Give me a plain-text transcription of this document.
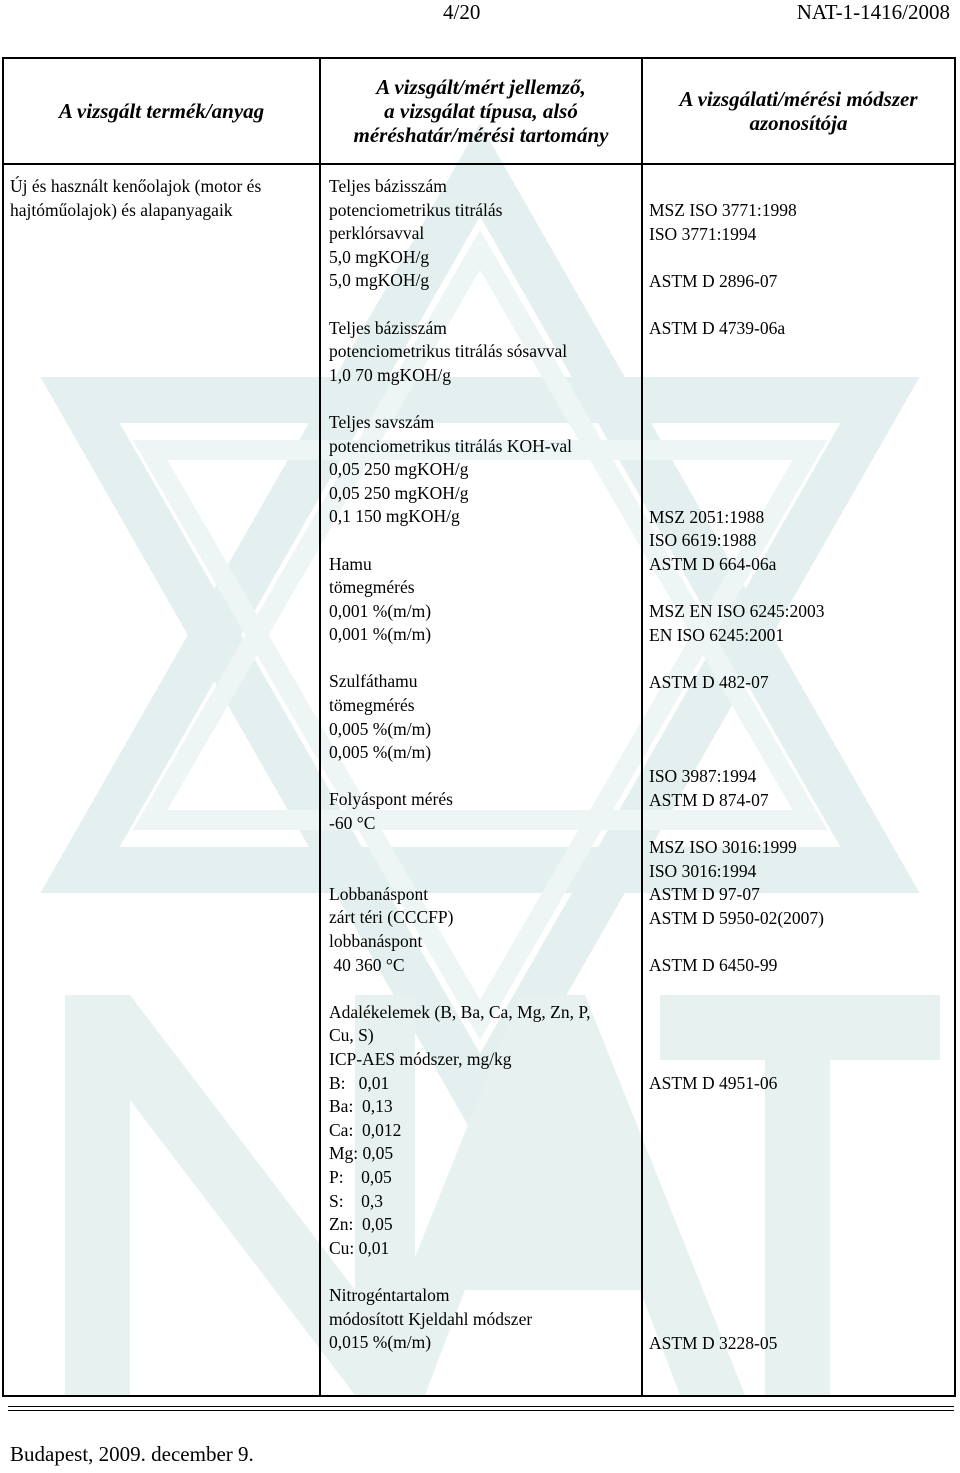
4/20	NAT-1-1416/2008
A vizsgált termék/anyag
A vizsgált/mért jellemző,
a vizsgálat típusa, alsó
méréshatár/mérési tartomány
A vizsgálati/mérési módszer
azonosítója
Új és használt kenőolajok (motor és hajtóműolajok) és alapanyagaik
Teljes bázisszám
potenciometrikus titrálás
perklórsavval
5,0 mgKOH/g
5,0 mgKOH/g
Teljes bázisszám
potenciometrikus titrálás sósavval
1,0 70 mgKOH/g
Teljes savszám
potenciometrikus titrálás KOH-val
0,05 250 mgKOH/g
0,05 250 mgKOH/g
0,1 150 mgKOH/g
Hamu
tömegmérés
0,001 %(m/m)
0,001 %(m/m)
Szulfáthamu
tömegmérés
0,005 %(m/m)
0,005 %(m/m)
Folyáspont mérés
-60 °C
Lobbanáspont
zárt téri (CCCFP)
lobbanáspont
40 360 °C
Adalékelemek (B, Ba, Ca, Mg, Zn, P,
Cu, S)
ICP-AES módszer, mg/kg
B:   0,01
Ba:  0,13
Ca:  0,012
Mg: 0,05
P:    0,05
S:    0,3
Zn:  0,05
Cu: 0,01
Nitrogéntartalom
módosított Kjeldahl módszer
0,015 %(m/m)
MSZ ISO 3771:1998
ISO 3771:1994
ASTM D 2896-07
ASTM D 4739-06a
MSZ 2051:1988
ISO 6619:1988
ASTM D 664-06a
MSZ EN ISO 6245:2003
EN ISO 6245:2001
ASTM D 482-07
ISO 3987:1994
ASTM D 874-07
MSZ ISO 3016:1999
ISO 3016:1994
ASTM D 97-07
ASTM D 5950-02(2007)
ASTM D 6450-99
ASTM D 4951-06
ASTM D 3228-05
Budapest, 2009. december 9.
